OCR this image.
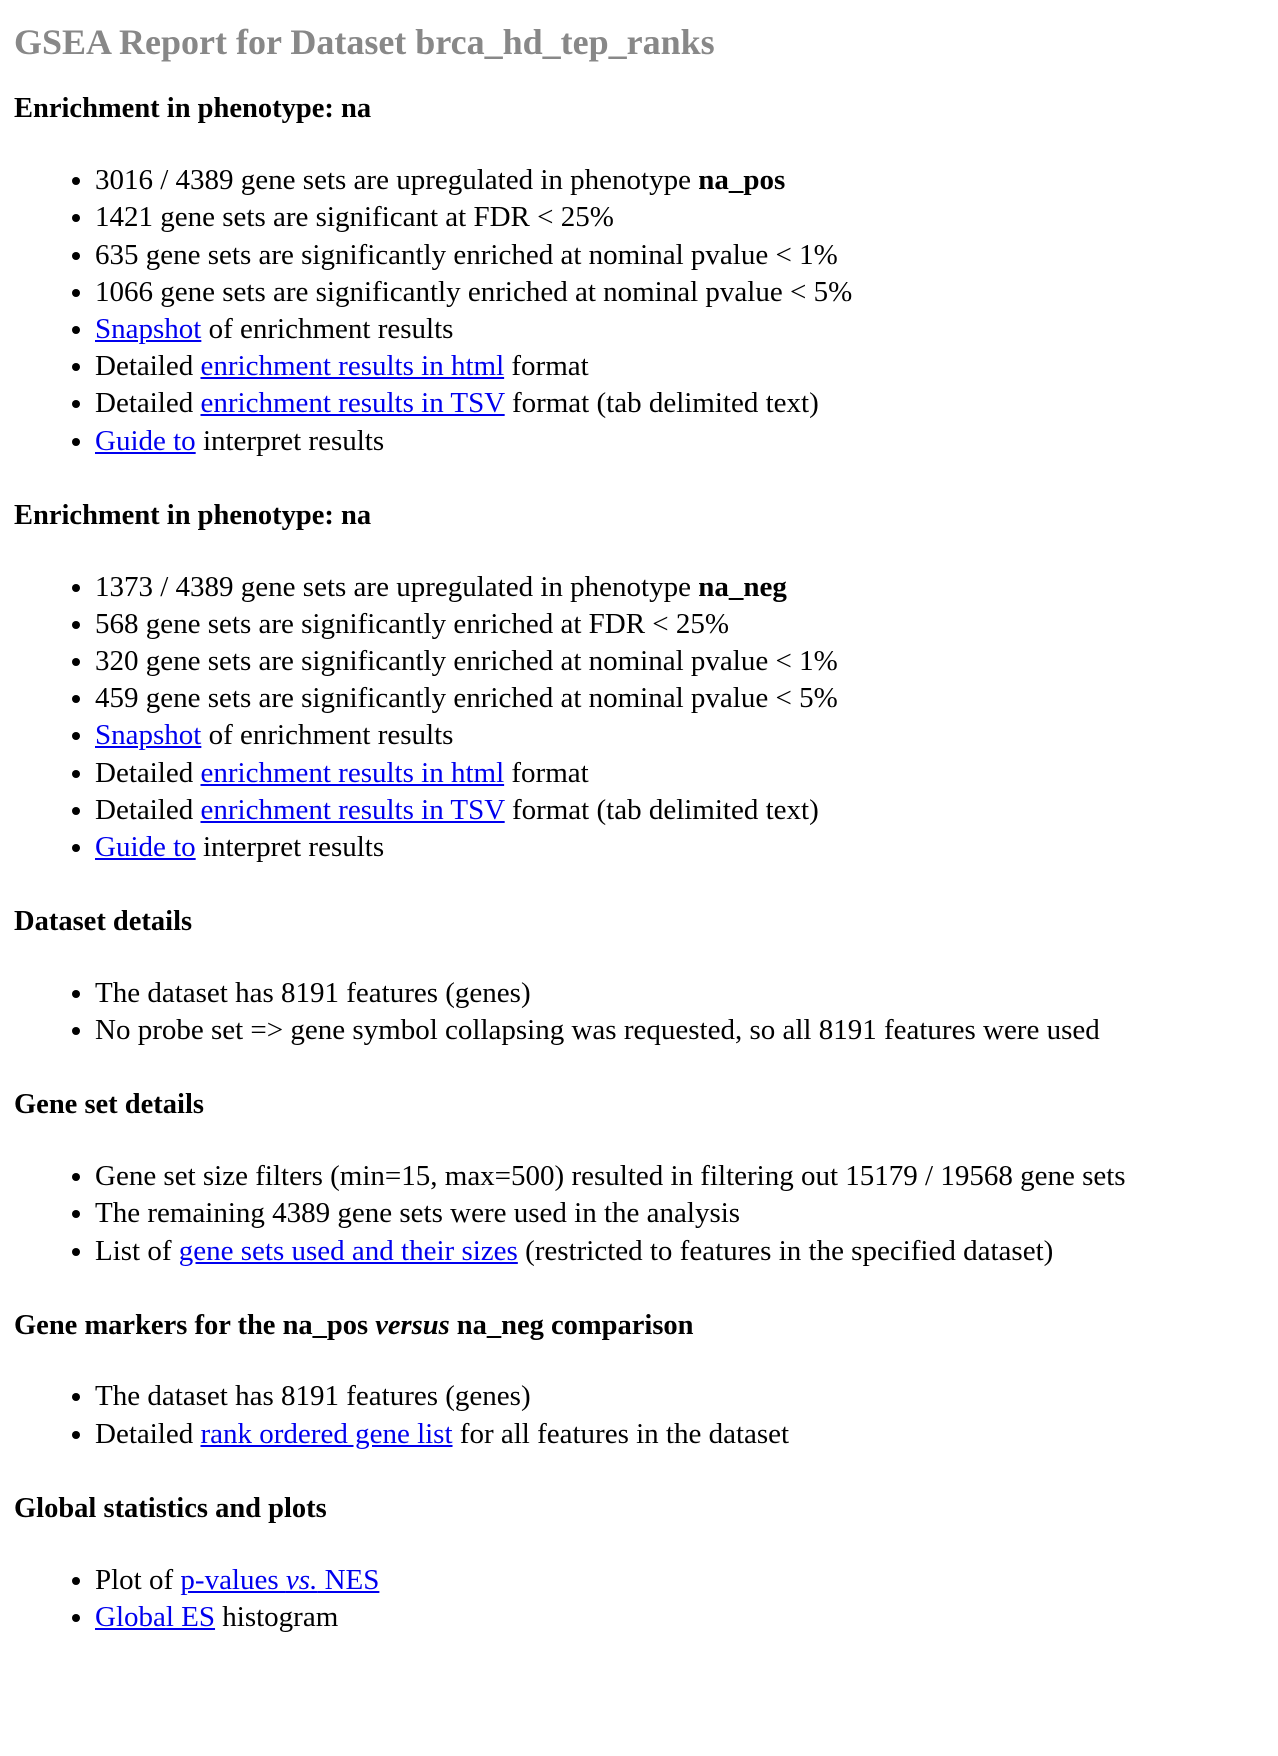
GSEA Report for Dataset brca_hd_tep_ranks
Enrichment in phenotype: na
• 3016 / 4389 gene sets are upregulated in phenotype na_pos
• 1421 gene sets are significant at FDR < 25%
• 635 gene sets are significantly enriched at nominal pvalue < 1%
• 1066 gene sets are significantly enriched at nominal pvalue < 5%
• Snapshot of enrichment results
• Detailed enrichment results in html format
• Detailed enrichment results in TSV format (tab delimited text)
• Guide to interpret results
Enrichment in phenotype: na
• 1373 / 4389 gene sets are upregulated in phenotype na_neg
• 568 gene sets are significantly enriched at FDR < 25%
• 320 gene sets are significantly enriched at nominal pvalue < 1%
• 459 gene sets are significantly enriched at nominal pvalue < 5%
• Snapshot of enrichment results
• Detailed enrichment results in html format
• Detailed enrichment results in TSV format (tab delimited text)
• Guide to interpret results
Dataset details
• The dataset has 8191 features (genes)
• No probe set => gene symbol collapsing was requested, so all 8191 features were used
Gene set details
• Gene set size filters (min=15, max=500) resulted in filtering out 15179 / 19568 gene sets
• The remaining 4389 gene sets were used in the analysis
• List of gene sets used and their sizes (restricted to features in the specified dataset)
Gene markers for the na_pos versus na_neg comparison
• The dataset has 8191 features (genes)
• Detailed rank ordered gene list for all features in the dataset
Global statistics and plots
• Plot of p-values vs. NES
• Global ES histogram
